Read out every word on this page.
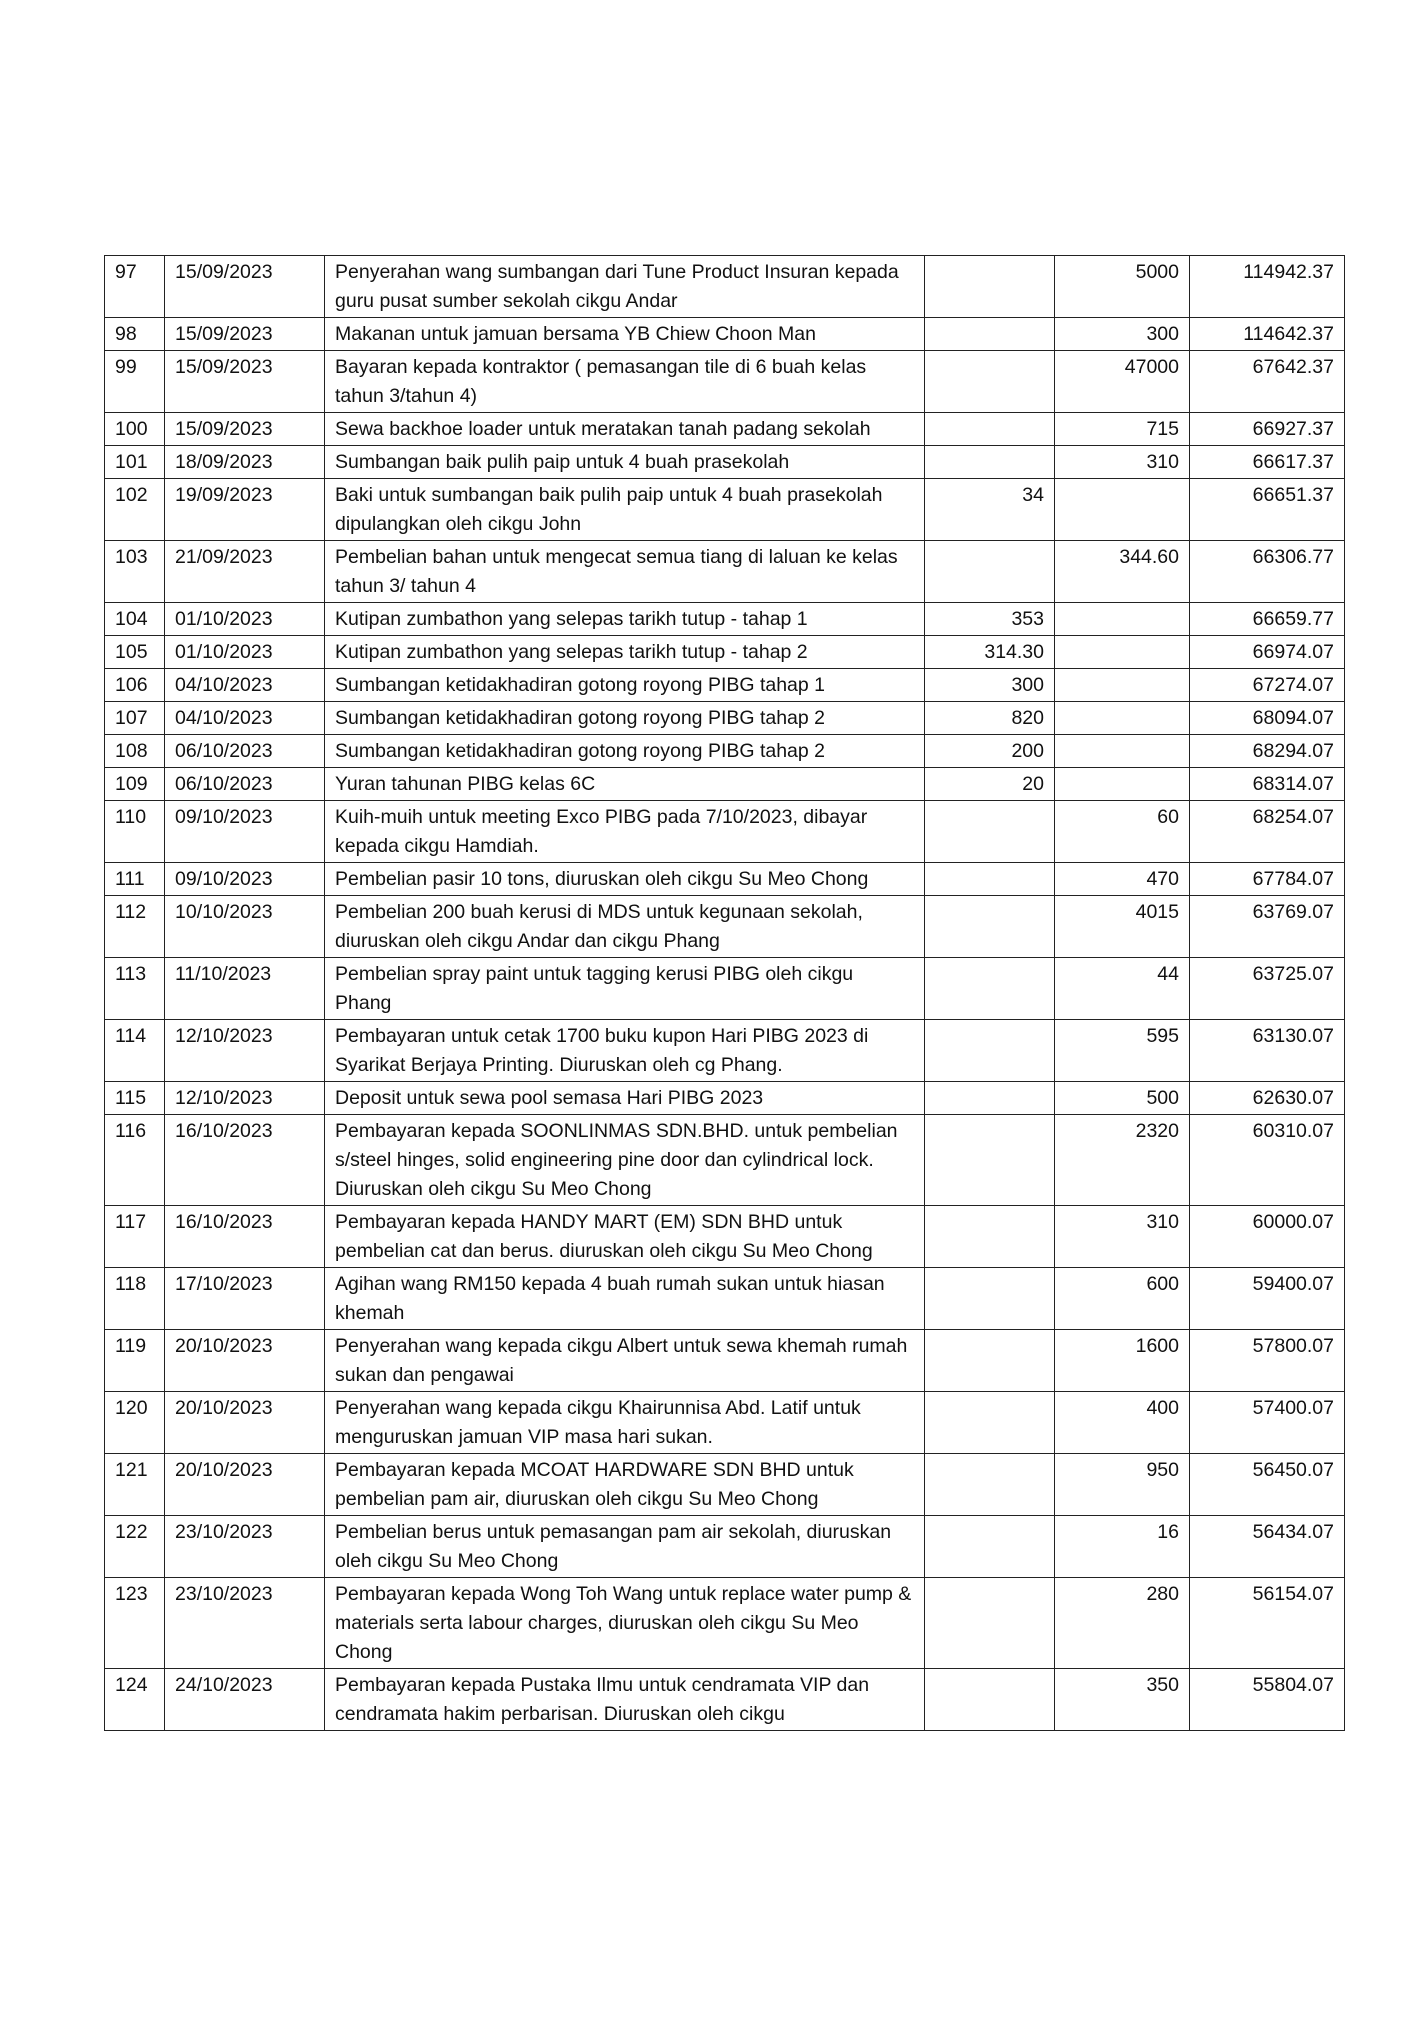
97	15/09/2023	Penyerahan wang sumbangan dari Tune Product Insuran kepada guru pusat sumber sekolah cikgu Andar		5000	114942.37
98	15/09/2023	Makanan untuk jamuan bersama YB Chiew Choon Man		300	114642.37
99	15/09/2023	Bayaran kepada kontraktor ( pemasangan tile di 6 buah kelas tahun 3/tahun 4)		47000	67642.37
100	15/09/2023	Sewa backhoe loader untuk meratakan tanah padang sekolah		715	66927.37
101	18/09/2023	Sumbangan baik pulih paip untuk 4 buah prasekolah		310	66617.37
102	19/09/2023	Baki untuk sumbangan baik pulih paip untuk 4 buah prasekolah dipulangkan oleh cikgu John	34		66651.37
103	21/09/2023	Pembelian bahan untuk mengecat semua tiang di laluan ke kelas tahun 3/ tahun 4		344.60	66306.77
104	01/10/2023	Kutipan zumbathon yang selepas tarikh tutup - tahap 1	353		66659.77
105	01/10/2023	Kutipan zumbathon yang selepas tarikh tutup - tahap 2	314.30		66974.07
106	04/10/2023	Sumbangan ketidakhadiran gotong royong PIBG tahap 1	300		67274.07
107	04/10/2023	Sumbangan ketidakhadiran gotong royong PIBG tahap 2	820		68094.07
108	06/10/2023	Sumbangan ketidakhadiran gotong royong PIBG tahap 2	200		68294.07
109	06/10/2023	Yuran tahunan PIBG kelas 6C	20		68314.07
110	09/10/2023	Kuih-muih untuk meeting Exco PIBG pada 7/10/2023, dibayar kepada cikgu Hamdiah.		60	68254.07
111	09/10/2023	Pembelian pasir 10 tons, diuruskan oleh cikgu Su Meo Chong		470	67784.07
112	10/10/2023	Pembelian 200 buah kerusi di MDS untuk kegunaan sekolah, diuruskan oleh cikgu Andar dan cikgu Phang		4015	63769.07
113	11/10/2023	Pembelian spray paint untuk tagging kerusi PIBG oleh cikgu Phang		44	63725.07
114	12/10/2023	Pembayaran untuk cetak 1700 buku kupon Hari PIBG 2023 di Syarikat Berjaya Printing. Diuruskan oleh cg Phang.		595	63130.07
115	12/10/2023	Deposit untuk sewa pool semasa Hari PIBG 2023		500	62630.07
116	16/10/2023	Pembayaran kepada SOONLINMAS SDN.BHD. untuk pembelian s/steel hinges, solid engineering pine door dan cylindrical lock. Diuruskan oleh cikgu Su Meo Chong		2320	60310.07
117	16/10/2023	Pembayaran kepada HANDY MART (EM) SDN BHD untuk pembelian cat dan berus. diuruskan oleh cikgu Su Meo Chong		310	60000.07
118	17/10/2023	Agihan wang RM150 kepada 4 buah rumah sukan untuk hiasan khemah		600	59400.07
119	20/10/2023	Penyerahan wang kepada cikgu Albert untuk sewa khemah rumah sukan dan pengawai		1600	57800.07
120	20/10/2023	Penyerahan wang kepada cikgu Khairunnisa Abd. Latif untuk menguruskan jamuan VIP masa hari sukan.		400	57400.07
121	20/10/2023	Pembayaran kepada MCOAT HARDWARE SDN BHD untuk pembelian pam air, diuruskan oleh cikgu Su Meo Chong		950	56450.07
122	23/10/2023	Pembelian berus untuk pemasangan pam air sekolah, diuruskan oleh cikgu Su Meo Chong		16	56434.07
123	23/10/2023	Pembayaran kepada Wong Toh Wang untuk replace water pump & materials serta labour charges, diuruskan oleh cikgu Su Meo Chong		280	56154.07
124	24/10/2023	Pembayaran kepada Pustaka Ilmu untuk cendramata VIP dan cendramata hakim perbarisan. Diuruskan oleh cikgu		350	55804.07
